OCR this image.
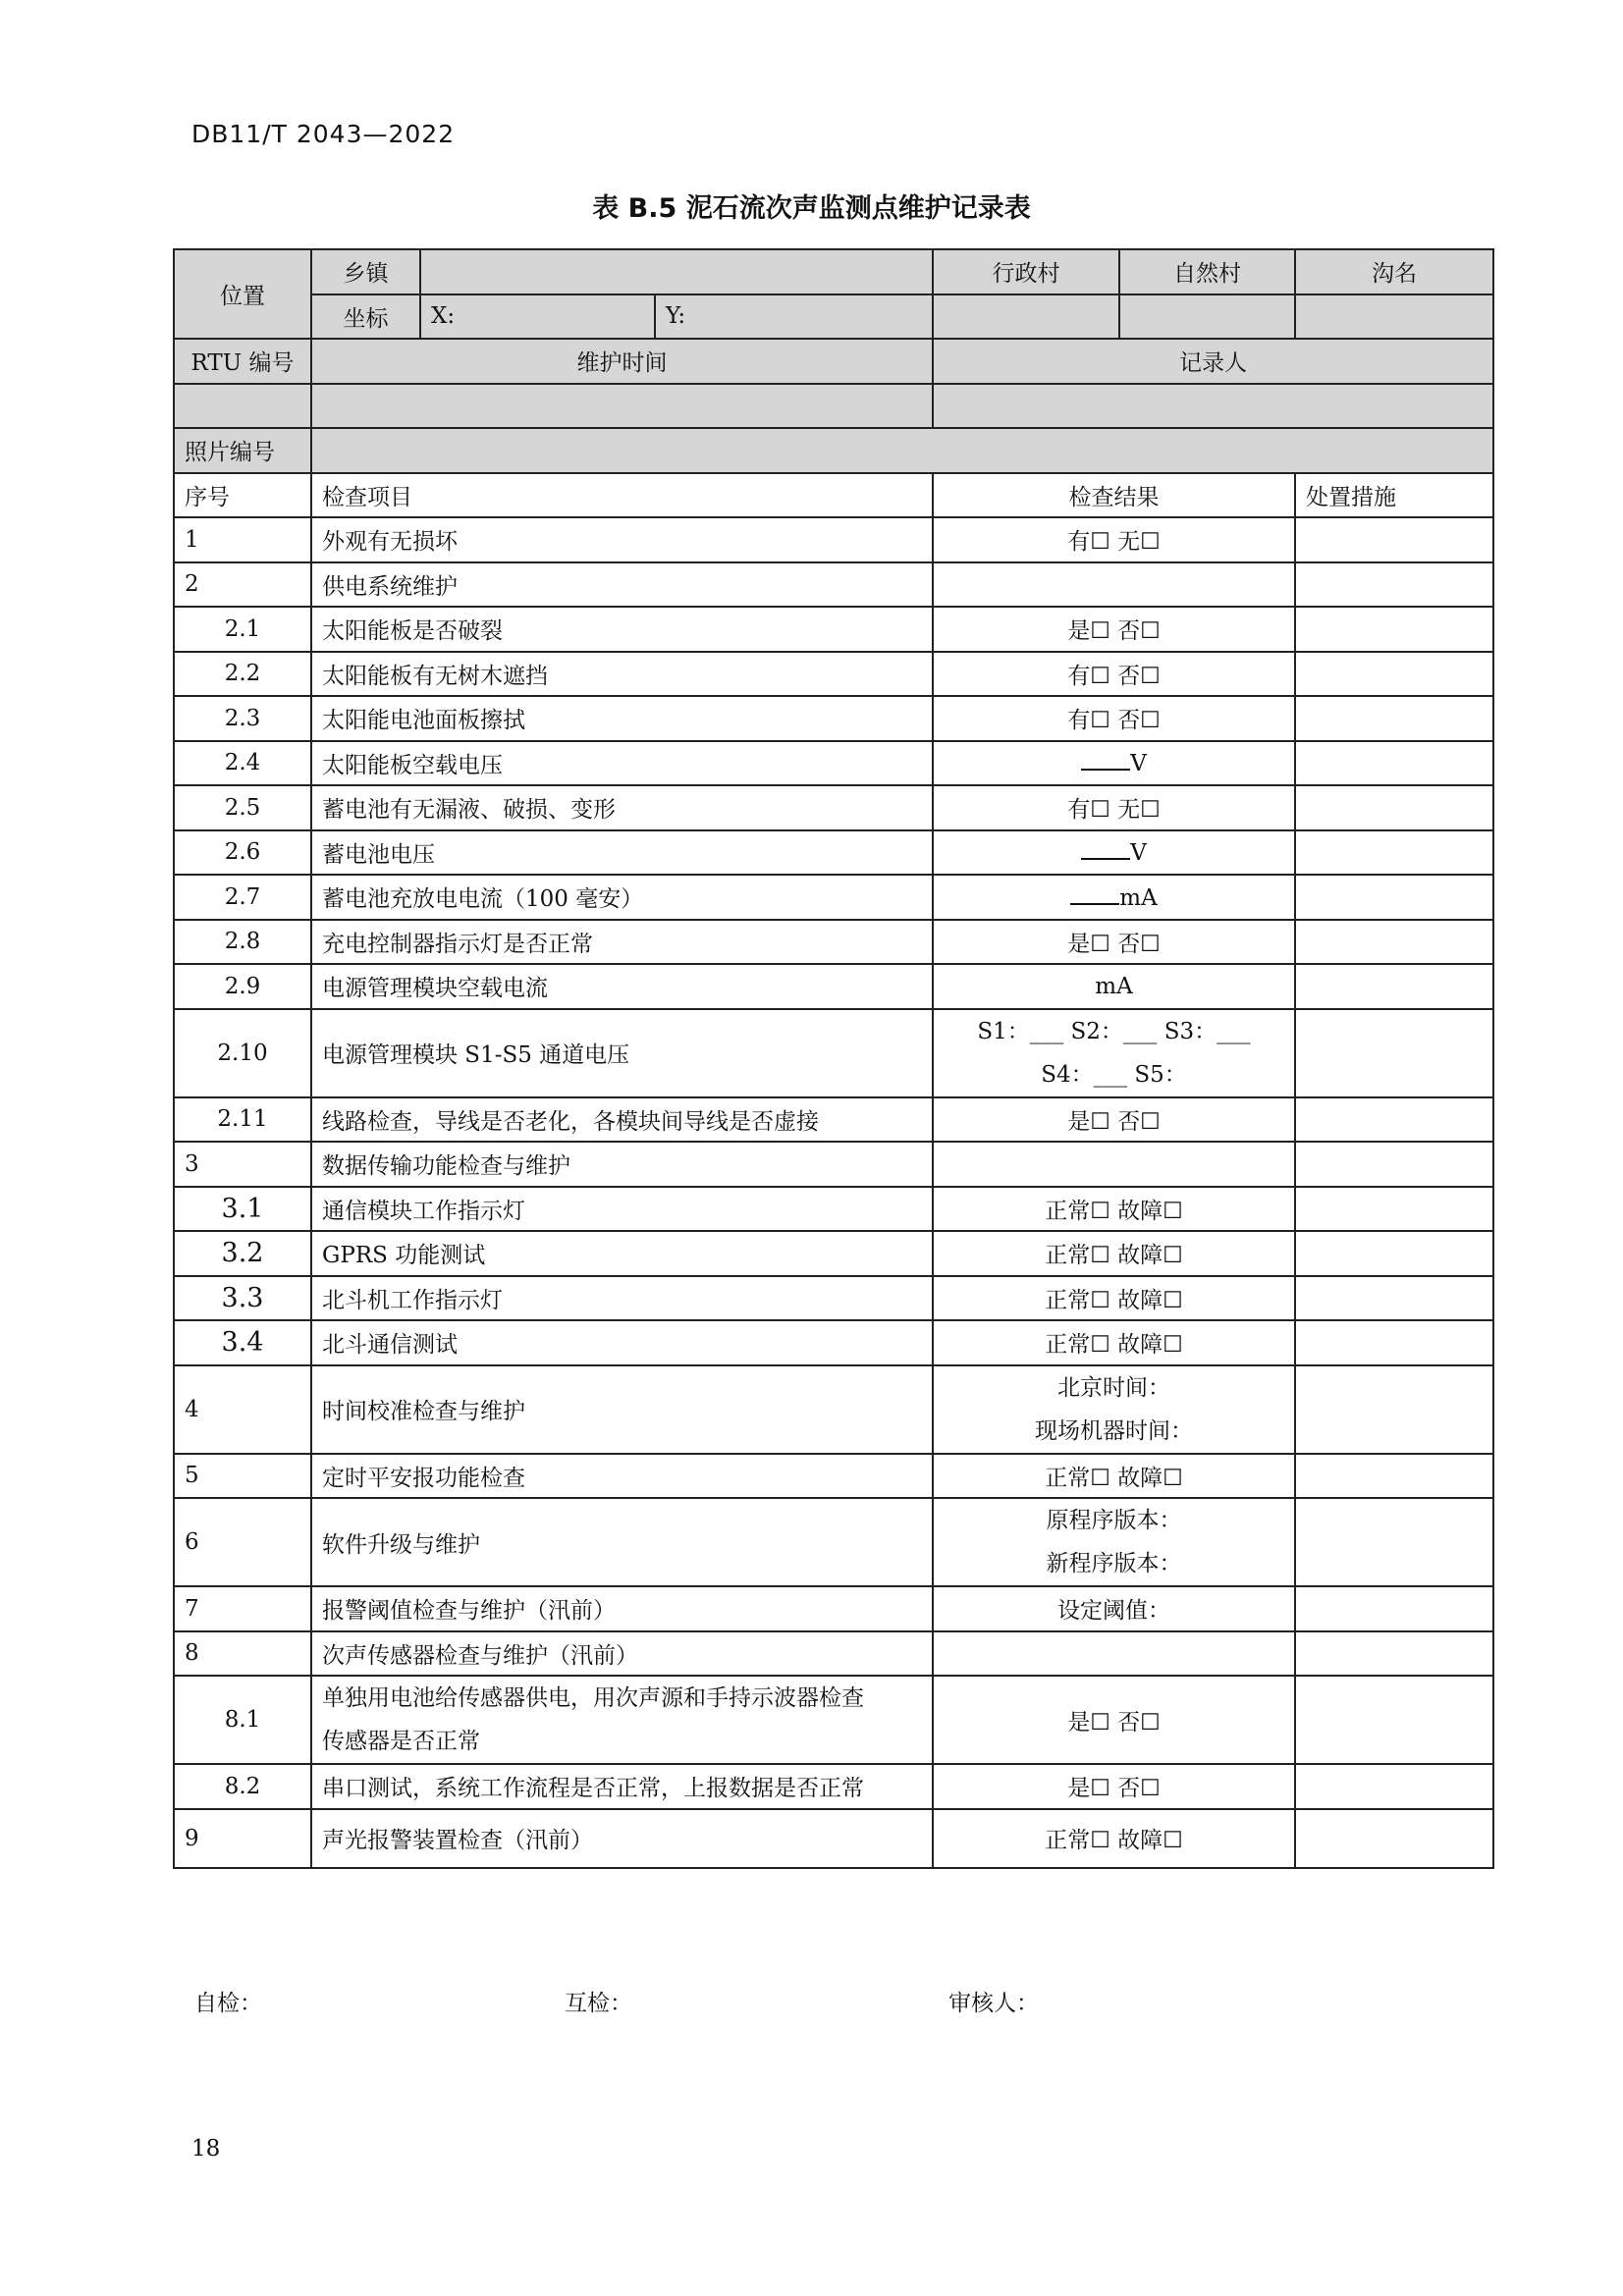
DB11/T 2043—2022
表 B.5 泥石流次声监测点维护记录表
位置	乡镇			行政村	自然村	沟名
	坐标	X:	Y:			
RTU 编号	维护时间			记录人		

照片编号						
序号	检查项目			检查结果		处置措施
1	外观有无损坏			有☐ 无☐		
2	供电系统维护					
2.1	太阳能板是否破裂			是☐ 否☐		
2.2	太阳能板有无树木遮挡			有☐ 否☐		
2.3	太阳能电池面板擦拭			有☐ 否☐		
2.4	太阳能板空载电压			V		
2.5	蓄电池有无漏液、破损、变形			有☐ 无☐		
2.6	蓄电池电压			V		
2.7	蓄电池充放电电流（100 毫安）			mA		
2.8	充电控制器指示灯是否正常			是☐ 否☐		
2.9	电源管理模块空载电流			mA		
2.10	电源管理模块 S1-S5 通道电压			S1：___ S2：___ S3：___
S4：___ S5：		

2.11	线路检查，导线是否老化，各模块间导线是否虚接			是☐ 否☐		
3	数据传输功能检查与维护					
3.1	通信模块工作指示灯			正常☐ 故障☐		
3.2	GPRS 功能测试			正常☐ 故障☐		
3.3	北斗机工作指示灯			正常☐ 故障☐		
3.4	北斗通信测试			正常☐ 故障☐		
4	时间校准检查与维护			北京时间：
现场机器时间：		

5	定时平安报功能检查			正常☐ 故障☐		
6	软件升级与维护			原程序版本：
新程序版本：		

7	报警阈值检查与维护（汛前）			设定阈值：		
8	次声传感器检查与维护（汛前）					
8.1	单独用电池给传感器供电，用次声源和手持示波器检查
传感器是否正常			是☐ 否☐		
8.2	串口测试，系统工作流程是否正常，上报数据是否正常			是☐ 否☐		
9	声光报警装置检查（汛前）			正常☐ 故障☐		
自检：	互检：	审核人：
18
